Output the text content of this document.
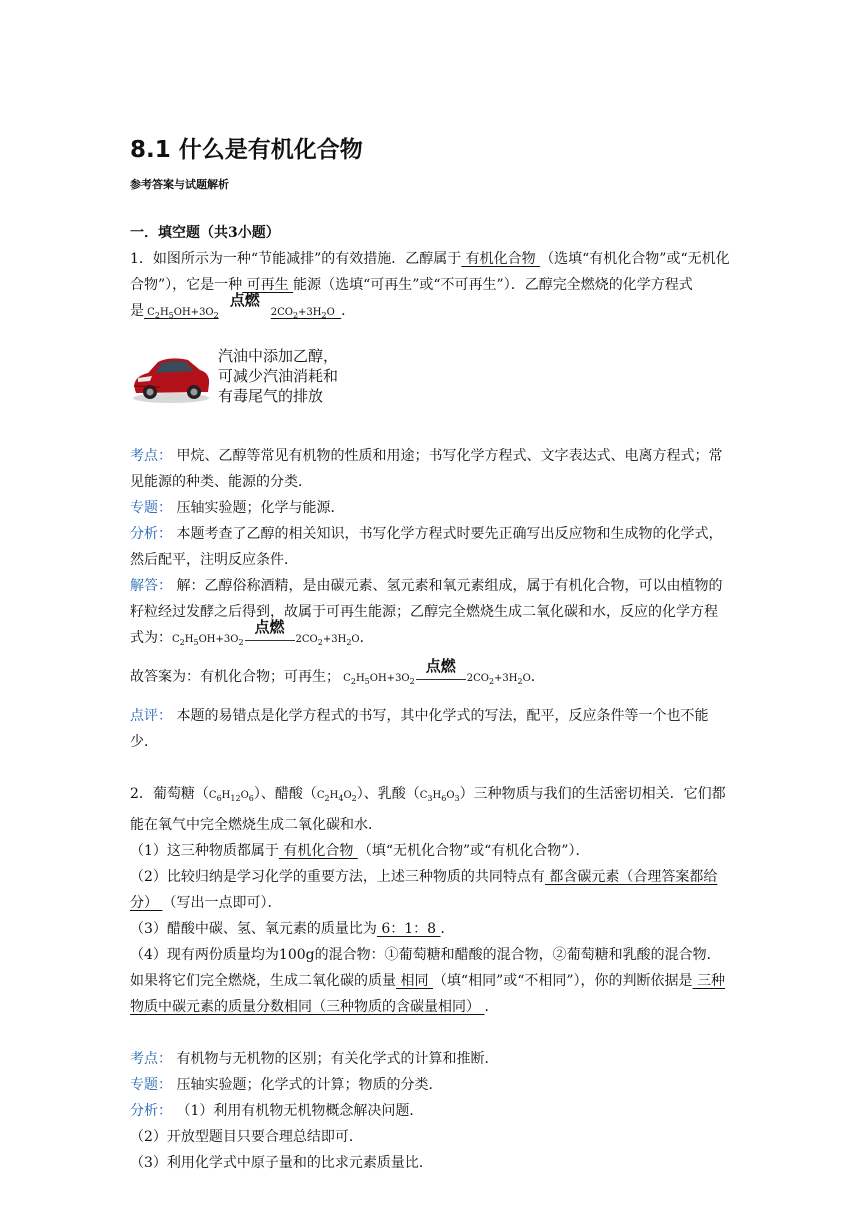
8.1 什么是有机化合物
参考答案与试题解析
一．填空题（共3小题）

1．如图所示为一种“节能减排”的有效措施．乙醇属于 有机化合物 （选填“有机化合物”或“无机化合物”），它是一种 可再生 能源（选填“可再生”或“不可再生”）．乙醇完全燃烧的化学方程式是 $C_2H_5OH+3O_2$
点燃
$2CO_2+3H_2O$  ．

汽油中添加乙醇，可减少汽油消耗和有毒尾气的排放

考点： 甲烷、乙醇等常见有机物的性质和用途；书写化学方程式、文字表达式、电离方程式；常见能源的种类、能源的分类．

专题： 压轴实验题；化学与能源．

分析： 本题考查了乙醇的相关知识，书写化学方程式时要先正确写出反应物和生成物的化学式，然后配平，注明反应条件．

解答： 解：乙醇俗称酒精，是由碳元素、氢元素和氧元素组成，属于有机化合物，可以由植物的籽粒经过发酵之后得到，故属于可再生能源；乙醇完全燃烧生成二氧化碳和水，反应的化学方程式为：$C_2H_5OH+3O_2$
点燃
$2CO_2+3H_2O$．

故答案为：有机化合物；可再生； $C_2H_5OH+3O_2$
点燃
$2CO_2+3H_2O$．

点评： 本题的易错点是化学方程式的书写，其中化学式的写法，配平，反应条件等一个也不能少．

2．葡萄糖$(C_6H_{12}O_6)$、醋酸$(C_2H_4O_2)$、乳酸$(C_3H_6O_3)$三种物质与我们的生活密切相关．它们都能在氧气中完全燃烧生成二氧化碳和水．

（1）这三种物质都属于 有机化合物 （填“无机化合物”或“有机化合物”）．

（2）比较归纳是学习化学的重要方法，上述三种物质的共同特点有 都含碳元素（合理答案都给分） （写出一点即可）．

（3）醋酸中碳、氢、氧元素的质量比为 6：1：8 ．

（4）现有两份质量均为100g的混合物：①葡萄糖和醋酸的混合物，②葡萄糖和乳酸的混合物．如果将它们完全燃烧，生成二氧化碳的质量 相同 （填“相同”或“不相同”），你的判断依据是 三种物质中碳元素的质量分数相同（三种物质的含碳量相同） ．

考点： 有机物与无机物的区别；有关化学式的计算和推断．

专题： 压轴实验题；化学式的计算；物质的分类．

分析： （1）利用有机物无机物概念解决问题．

（2）开放型题目只要合理总结即可．

（3）利用化学式中原子量和的比求元素质量比．
